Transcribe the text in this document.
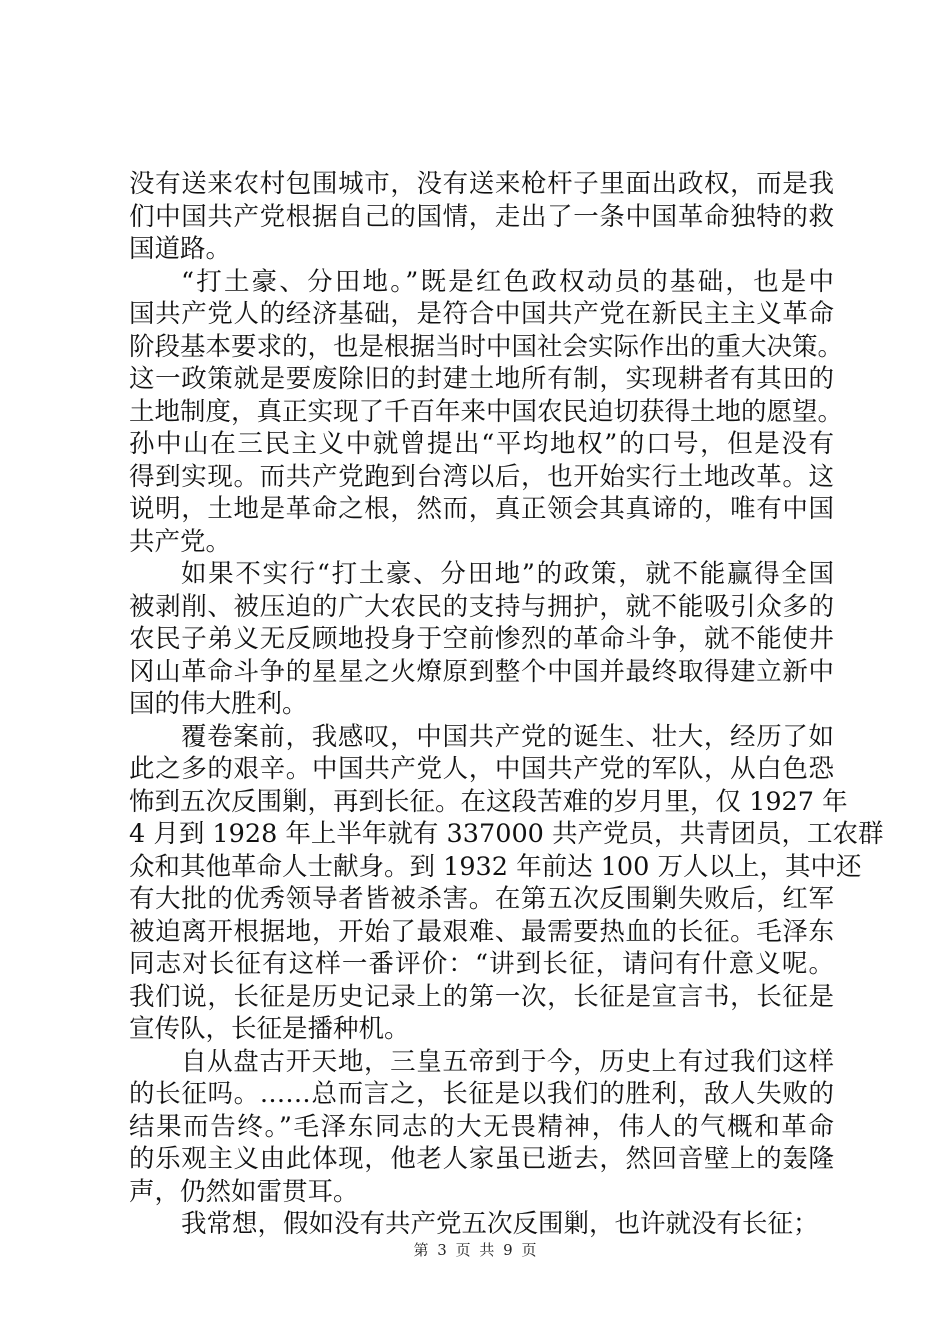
没有送来农村包围城市，没有送来枪杆子里面出政权，而是我
们中国共产党根据自己的国情，走出了一条中国革命独特的救
国道路。
“打土豪、分田地。”既是红色政权动员的基础，也是中
国共产党人的经济基础，是符合中国共产党在新民主主义革命
阶段基本要求的，也是根据当时中国社会实际作出的重大决策。
这一政策就是要废除旧的封建土地所有制，实现耕者有其田的
土地制度，真正实现了千百年来中国农民迫切获得土地的愿望。
孙中山在三民主义中就曾提出“平均地权”的口号，但是没有
得到实现。而共产党跑到台湾以后，也开始实行土地改革。这
说明，土地是革命之根，然而，真正领会其真谛的，唯有中国
共产党。
如果不实行“打土豪、分田地”的政策，就不能赢得全国
被剥削、被压迫的广大农民的支持与拥护，就不能吸引众多的
农民子弟义无反顾地投身于空前惨烈的革命斗争，就不能使井
冈山革命斗争的星星之火燎原到整个中国并最终取得建立新中
国的伟大胜利。
覆卷案前，我感叹，中国共产党的诞生、壮大，经历了如
此之多的艰辛。中国共产党人，中国共产党的军队，从白色恐
怖到五次反围剿，再到长征。在这段苦难的岁月里，仅 1927 年
4 月到 1928 年上半年就有 337000 共产党员，共青团员，工农群
众和其他革命人士献身。到 1932 年前达 100 万人以上，其中还
有大批的优秀领导者皆被杀害。在第五次反围剿失败后，红军
被迫离开根据地，开始了最艰难、最需要热血的长征。毛泽东
同志对长征有这样一番评价：“讲到长征，请问有什意义呢。
我们说，长征是历史记录上的第一次，长征是宣言书，长征是
宣传队，长征是播种机。
自从盘古开天地，三皇五帝到于今，历史上有过我们这样
的长征吗。……总而言之，长征是以我们的胜利，敌人失败的
结果而告终。”毛泽东同志的大无畏精神，伟人的气概和革命
的乐观主义由此体现，他老人家虽已逝去，然回音壁上的轰隆
声，仍然如雷贯耳。
我常想，假如没有共产党五次反围剿，也许就没有长征；
第 3 页 共 9 页
